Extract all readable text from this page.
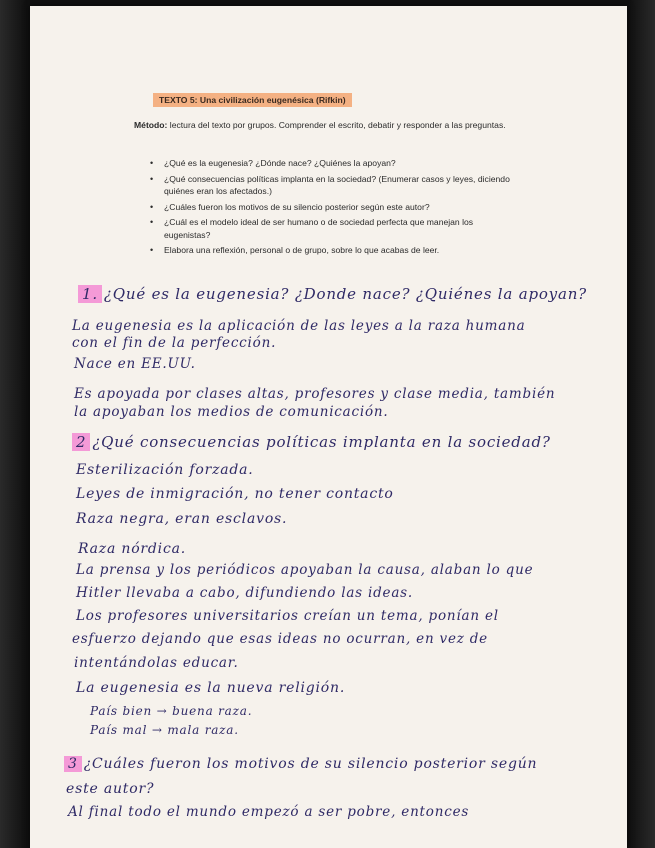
TEXTO 5: Una civilización eugenésica (Rifkin)
Método: lectura del texto por grupos. Comprender el escrito, debatir y responder a las preguntas.
• ¿Qué es la eugenesia? ¿Dónde nace? ¿Quiénes la apoyan?
• ¿Qué consecuencias políticas implanta en la sociedad? (Enumerar casos y leyes, diciendo quiénes eran los afectados.)
• ¿Cuáles fueron los motivos de su silencio posterior según este autor?
• ¿Cuál es el modelo ideal de ser humano o de sociedad perfecta que manejan los eugenistas?
• Elabora una reflexión, personal o de grupo, sobre lo que acabas de leer.
1. ¿Qué es la eugenesia? ¿Donde nace? ¿Quiénes la apoyan?
La eugenesia es la aplicación de las leyes a la raza humana
con el fin de la perfección.
Nace en EE.UU.
Es apoyada por clases altas, profesores y clase media, también
la apoyaban los medios de comunicación.
2 ¿Qué consecuencias políticas implanta en la sociedad?
Esterilización forzada.
Leyes de inmigración, no tener contacto
Raza negra, eran esclavos.
Raza nórdica.
La prensa y los periódicos apoyaban la causa, alaban lo que
Hitler llevaba a cabo, difundiendo las ideas.
Los profesores universitarios creían un tema, ponían el
esfuerzo dejando que esas ideas no ocurran, en vez de
intentándolas educar.
La eugenesia es la nueva religión.
País bien → buena raza.
País mal → mala raza.
3 ¿Cuáles fueron los motivos de su silencio posterior según
este autor?
Al final todo el mundo empezó a ser pobre, entonces
